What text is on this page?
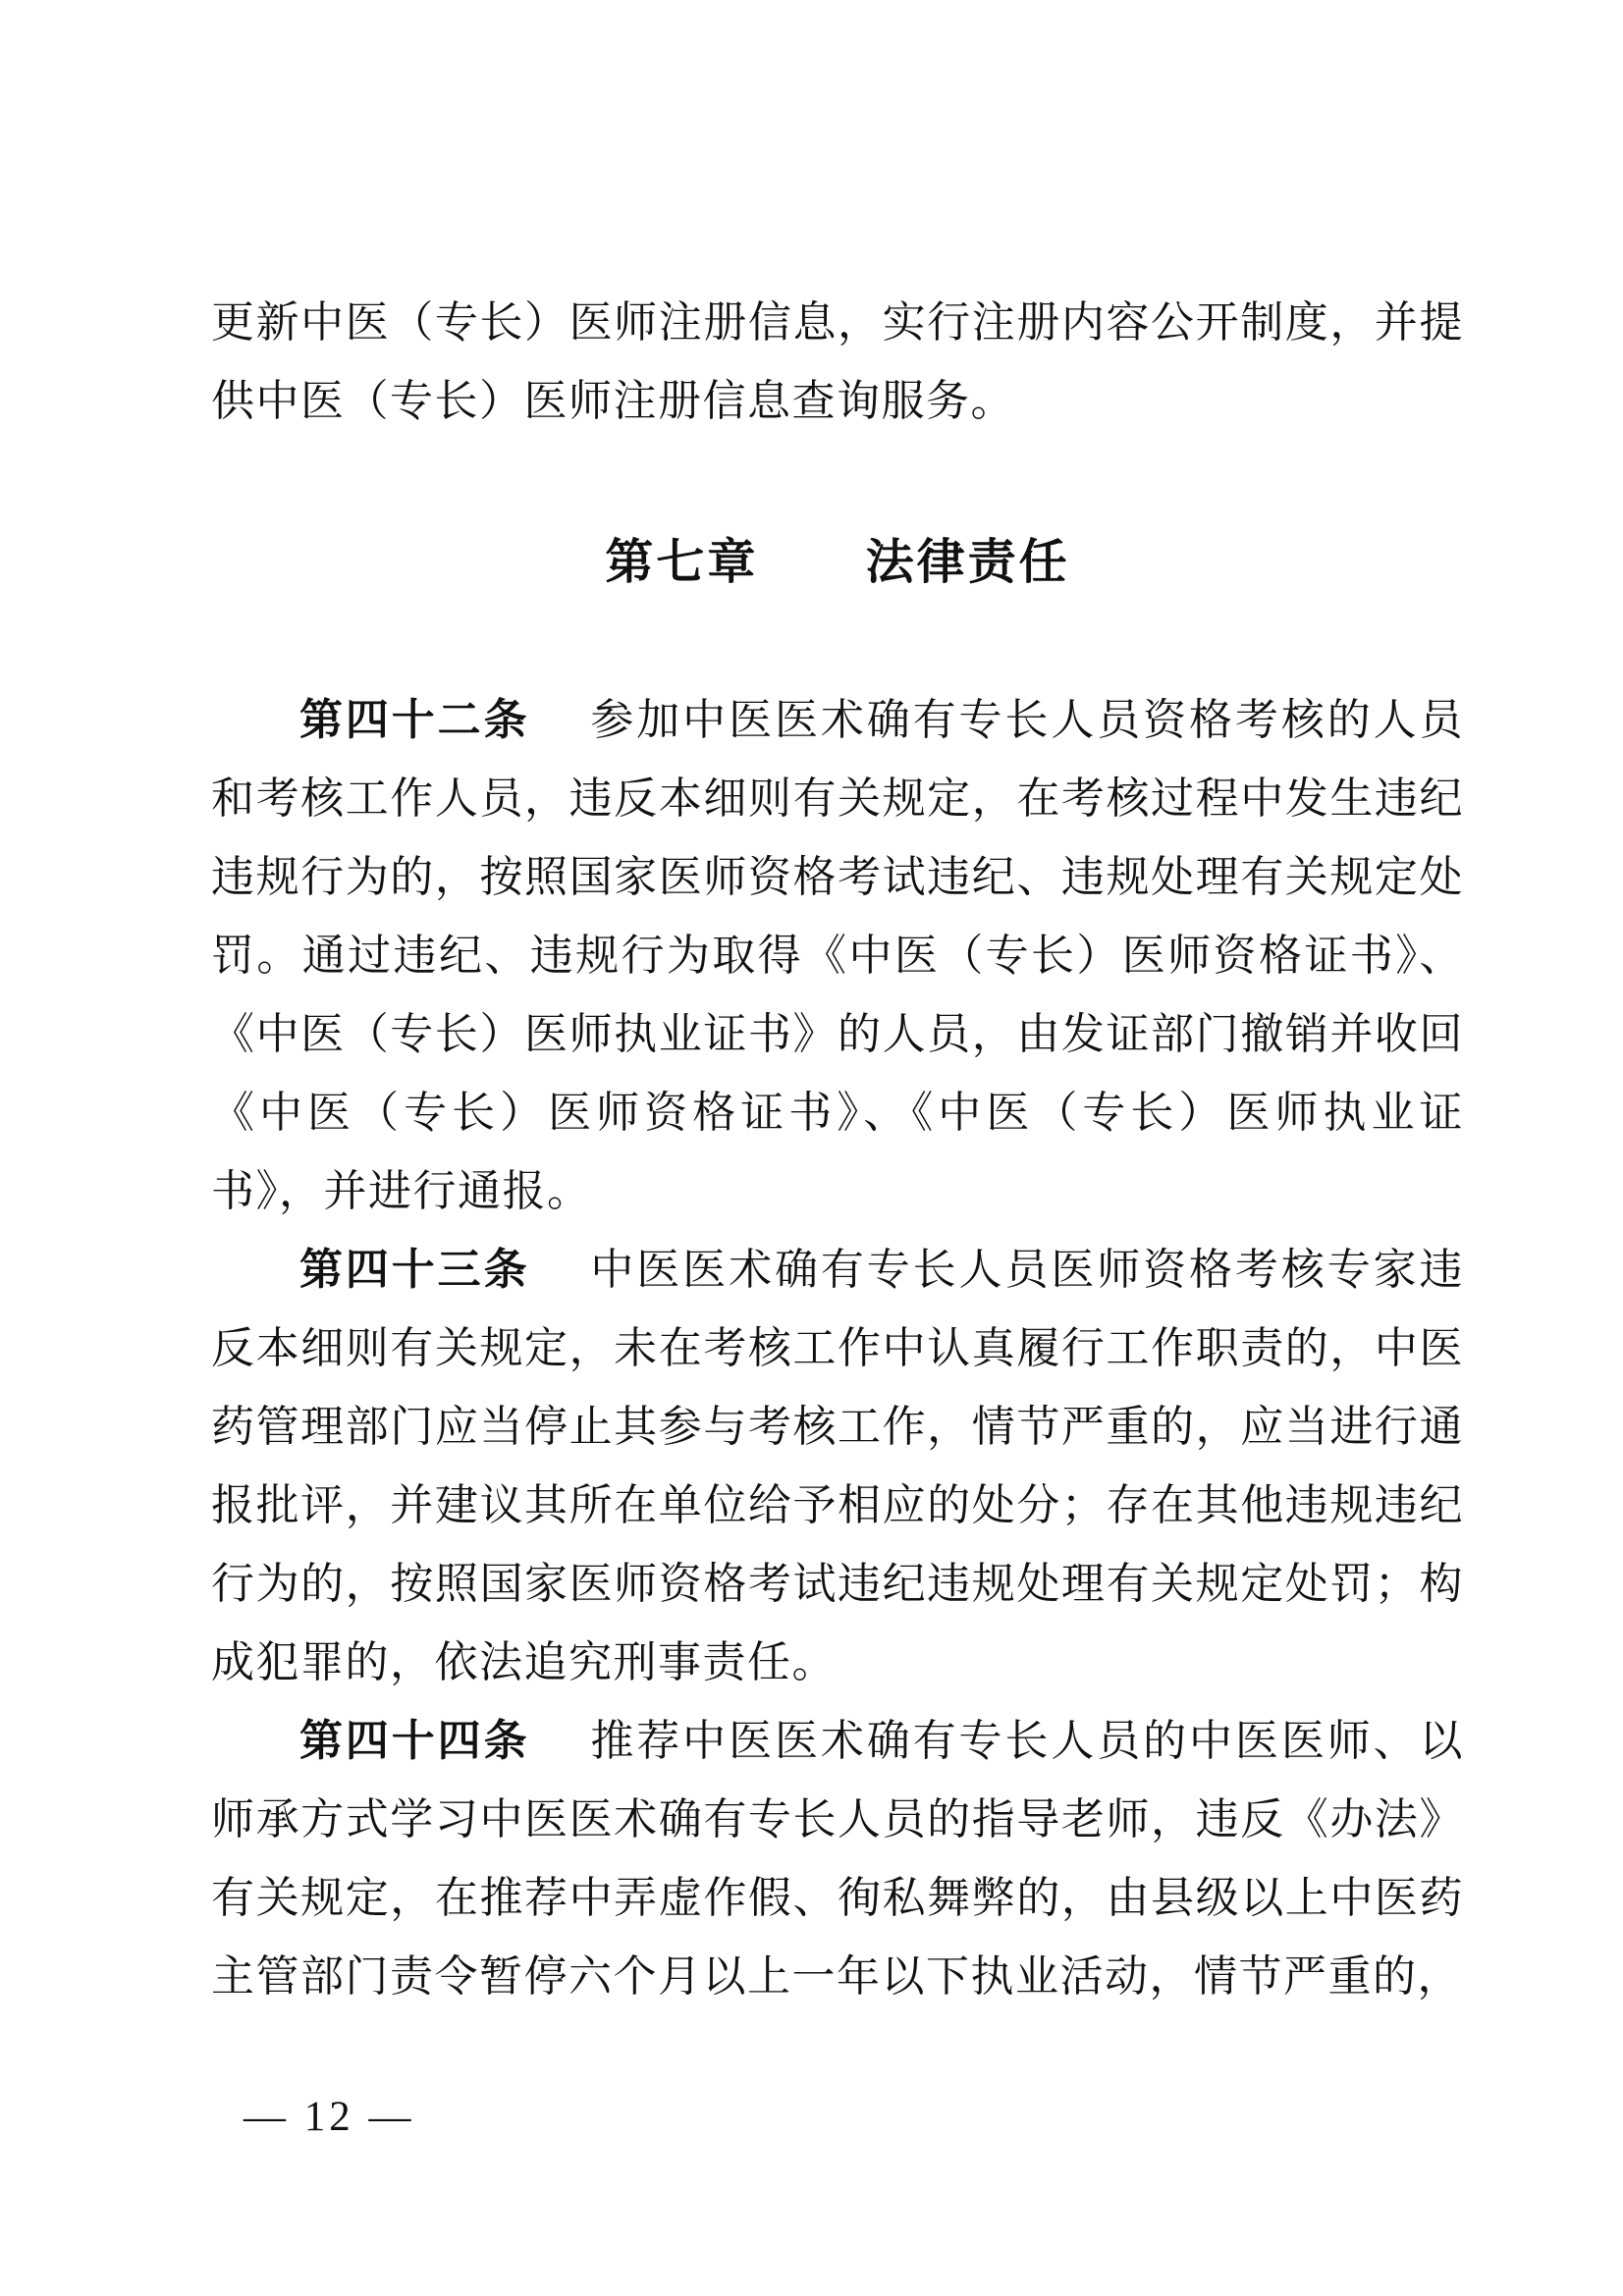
更新中医（专长）医师注册信息，实行注册内容公开制度，并提供中医（专长）医师注册信息查询服务。

第七章 法律责任

第四十二条 参加中医医术确有专长人员资格考核的人员和考核工作人员，违反本细则有关规定，在考核过程中发生违纪违规行为的，按照国家医师资格考试违纪、违规处理有关规定处罚。通过违纪、违规行为取得《中医（专长）医师资格证书》、《中医（专长）医师执业证书》的人员，由发证部门撤销并收回《中医（专长）医师资格证书》、《中医（专长）医师执业证书》，并进行通报。

第四十三条 中医医术确有专长人员医师资格考核专家违反本细则有关规定，未在考核工作中认真履行工作职责的，中医药管理部门应当停止其参与考核工作，情节严重的，应当进行通报批评，并建议其所在单位给予相应的处分；存在其他违规违纪行为的，按照国家医师资格考试违纪违规处理有关规定处罚；构成犯罪的，依法追究刑事责任。

第四十四条 推荐中医医术确有专长人员的中医医师、以师承方式学习中医医术确有专长人员的指导老师，违反《办法》有关规定，在推荐中弄虚作假、徇私舞弊的，由县级以上中医药主管部门责令暂停六个月以上一年以下执业活动，情节严重的，

— 12 —
